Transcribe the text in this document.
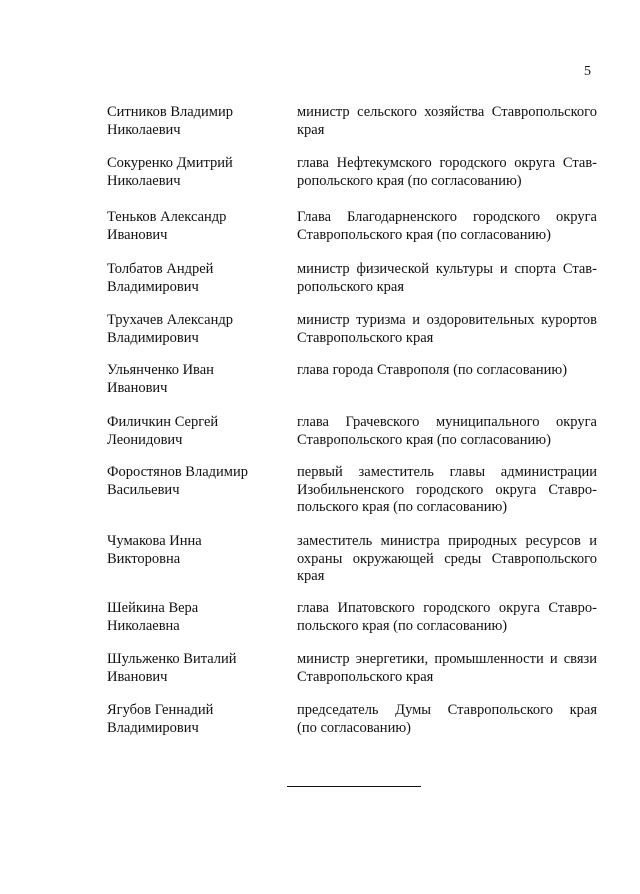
5
Ситников Владимир
Николаевич
министр сельского хозяйства Ставропольского
края
Сокуренко Дмитрий
Николаевич
глава Нефтекумского городского округа Став-
ропольского края (по согласованию)
Теньков Александр
Иванович
Глава Благодарненского городского округа
Ставропольского края (по согласованию)
Толбатов Андрей
Владимирович
министр физической культуры и спорта Став-
ропольского края
Трухачев Александр
Владимирович
министр туризма и оздоровительных курортов
Ставропольского края
Ульянченко Иван
Иванович
глава города Ставрополя (по согласованию)
Филичкин Сергей
Леонидович
глава Грачевского муниципального округа
Ставропольского края (по согласованию)
Форостянов Владимир
Васильевич
первый заместитель главы администрации
Изобильненского городского округа Ставро-
польского края (по согласованию)
Чумакова Инна
Викторовна
заместитель министра природных ресурсов и
охраны окружающей среды Ставропольского
края
Шейкина Вера
Николаевна
глава Ипатовского городского округа Ставро-
польского края (по согласованию)
Шульженко Виталий
Иванович
министр энергетики, промышленности и связи
Ставропольского края
Ягубов Геннадий
Владимирович
председатель Думы Ставропольского края
(по согласованию)
